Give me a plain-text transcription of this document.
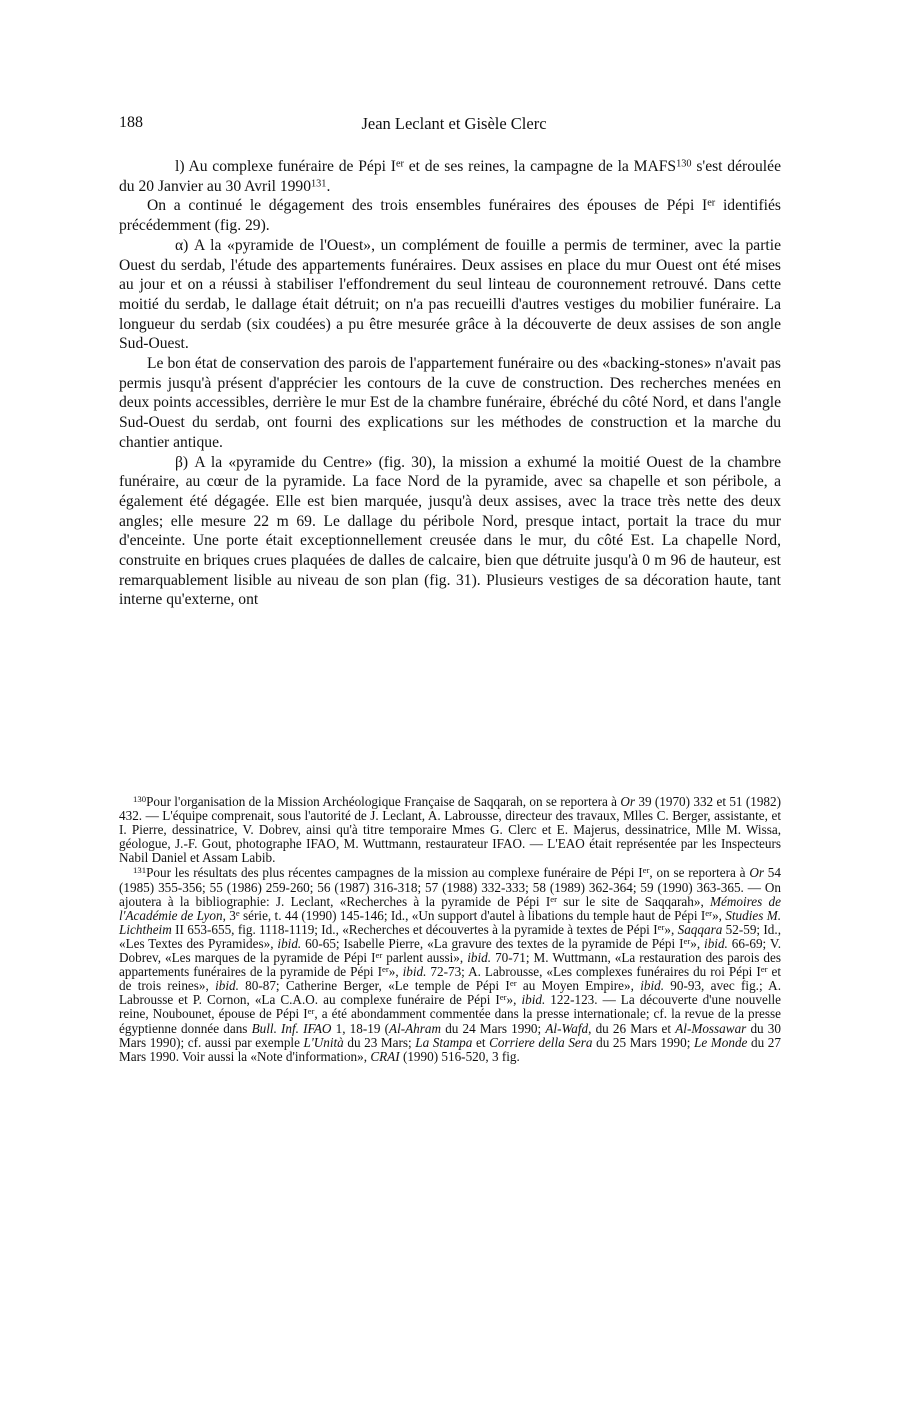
188	Jean Leclant et Gisèle Clerc

l) Au complexe funéraire de Pépi Ier et de ses reines, la campagne de la MAFS$^{130}$ s'est déroulée du 20 Janvier au 30 Avril 1990$^{131}$.

On a continué le dégagement des trois ensembles funéraires des épouses de Pépi Ier identifiés précédemment (fig. 29).

α) A la «pyramide de l'Ouest», un complément de fouille a permis de terminer, avec la partie Ouest du serdab, l'étude des appartements funéraires. Deux assises en place du mur Ouest ont été mises au jour et on a réussi à stabiliser l'effondrement du seul linteau de couronnement retrouvé. Dans cette moitié du serdab, le dallage était détruit; on n'a pas recueilli d'autres vestiges du mobilier funéraire. La longueur du serdab (six coudées) a pu être mesurée grâce à la découverte de deux assises de son angle Sud-Ouest.

Le bon état de conservation des parois de l'appartement funéraire ou des «backing-stones» n'avait pas permis jusqu'à présent d'apprécier les contours de la cuve de construction. Des recherches menées en deux points accessibles, derrière le mur Est de la chambre funéraire, ébréché du côté Nord, et dans l'angle Sud-Ouest du serdab, ont fourni des explications sur les méthodes de construction et la marche du chantier antique.

β) A la «pyramide du Centre» (fig. 30), la mission a exhumé la moitié Ouest de la chambre funéraire, au cœur de la pyramide. La face Nord de la pyramide, avec sa chapelle et son péribole, a également été dégagée. Elle est bien marquée, jusqu'à deux assises, avec la trace très nette des deux angles; elle mesure 22 m 69. Le dallage du péribole Nord, presque intact, portait la trace du mur d'enceinte. Une porte était exceptionnellement creusée dans le mur, du côté Est. La chapelle Nord, construite en briques crues plaquées de dalles de calcaire, bien que détruite jusqu'à 0 m 96 de hauteur, est remarquablement lisible au niveau de son plan (fig. 31). Plusieurs vestiges de sa décoration haute, tant interne qu'externe, ont

$^{130}$Pour l'organisation de la Mission Archéologique Française de Saqqarah, on se reportera à Or 39 (1970) 332 et 51 (1982) 432. — L'équipe comprenait, sous l'autorité de J. Leclant, A. Labrousse, directeur des travaux, Mlles C. Berger, assistante, et I. Pierre, dessinatrice, V. Dobrev, ainsi qu'à titre temporaire Mmes G. Clerc et E. Majerus, dessinatrice, Mlle M. Wissa, géologue, J.-F. Gout, photographe IFAO, M. Wuttmann, restaurateur IFAO. — L'EAO était représentée par les Inspecteurs Nabil Daniel et Assam Labib.

$^{131}$Pour les résultats des plus récentes campagnes de la mission au complexe funéraire de Pépi Ier, on se reportera à Or 54 (1985) 355-356; 55 (1986) 259-260; 56 (1987) 316-318; 57 (1988) 332-333; 58 (1989) 362-364; 59 (1990) 363-365. — On ajoutera à la bibliographie: J. Leclant, «Recherches à la pyramide de Pépi Ier sur le site de Saqqarah», Mémoires de l'Académie de Lyon, 3e série, t. 44 (1990) 145-146; Id., «Un support d'autel à libations du temple haut de Pépi Ier», Studies M. Lichtheim II 653-655, fig. 1118-1119; Id., «Recherches et découvertes à la pyramide à textes de Pépi Ier», Saqqara 52-59; Id., «Les Textes des Pyramides», ibid. 60-65; Isabelle Pierre, «La gravure des textes de la pyramide de Pépi Ier», ibid. 66-69; V. Dobrev, «Les marques de la pyramide de Pépi Ier parlent aussi», ibid. 70-71; M. Wuttmann, «La restauration des parois des appartements funéraires de la pyramide de Pépi Ier», ibid. 72-73; A. Labrousse, «Les complexes funéraires du roi Pépi Ier et de trois reines», ibid. 80-87; Catherine Berger, «Le temple de Pépi Ier au Moyen Empire», ibid. 90-93, avec fig.; A. Labrousse et P. Cornon, «La C.A.O. au complexe funéraire de Pépi Ier», ibid. 122-123. — La découverte d'une nouvelle reine, Noubounet, épouse de Pépi Ier, a été abondamment commentée dans la presse internationale; cf. la revue de la presse égyptienne donnée dans Bull. Inf. IFAO 1, 18-19 (Al-Ahram du 24 Mars 1990; Al-Wafd, du 26 Mars et Al-Mossawar du 30 Mars 1990); cf. aussi par exemple L'Unità du 23 Mars; La Stampa et Corriere della Sera du 25 Mars 1990; Le Monde du 27 Mars 1990. Voir aussi la «Note d'information», CRAI (1990) 516-520, 3 fig.
